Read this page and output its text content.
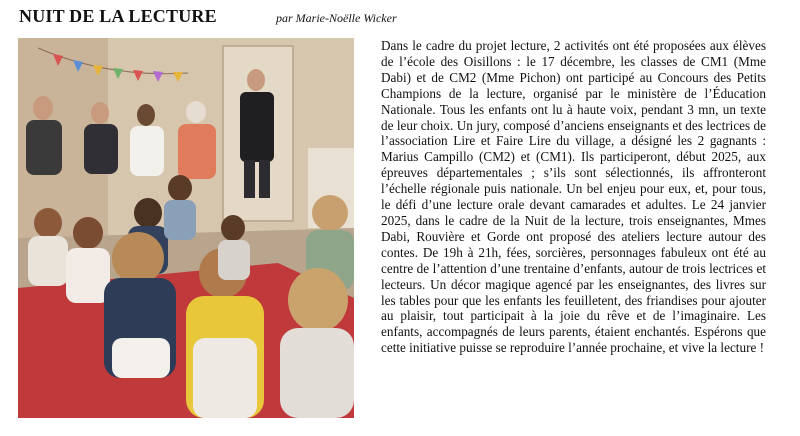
NUIT DE LA LECTURE	par Marie-Noëlle Wicker

Dans le cadre du projet lecture, 2 activités ont été proposées aux élèves de l’école des Oisillons : le 17 décembre, les classes de CM1 (Mme Dabi) et de CM2 (Mme Pichon) ont participé au Concours des Petits Champions de la lecture, organisé par le ministère de l’Éducation Nationale. Tous les enfants ont lu à haute voix, pendant 3 mn, un texte de leur choix. Un jury, composé d’anciens enseignants et des lectrices de l’association Lire et Faire Lire du village, a désigné les 2 gagnants : Marius Campillo (CM2) et (CM1). Ils participeront, début 2025, aux épreuves départementales ; s’ils sont sélectionnés, ils affronteront l’échelle régionale puis nationale. Un bel enjeu pour eux, et, pour tous, le défi d’une lecture orale devant camarades et adultes. Le 24 janvier 2025, dans le cadre de la Nuit de la lecture, trois enseignantes, Mmes Dabi, Rouvière et Gorde ont proposé des ateliers lecture autour des contes. De 19h à 21h, fées, sorcières, personnages fabuleux ont été au centre de l’attention d’une trentaine d’enfants, autour de trois lectrices et lecteurs. Un décor magique agencé par les enseignantes, des livres sur les tables pour que les enfants les feuilletent, des friandises pour ajouter au plaisir, tout participait à la joie du rêve et de l’imaginaire. Les enfants, accompagnés de leurs parents, étaient enchantés. Espérons que cette initiative puisse se reproduire l’année prochaine, et vive la lecture !
